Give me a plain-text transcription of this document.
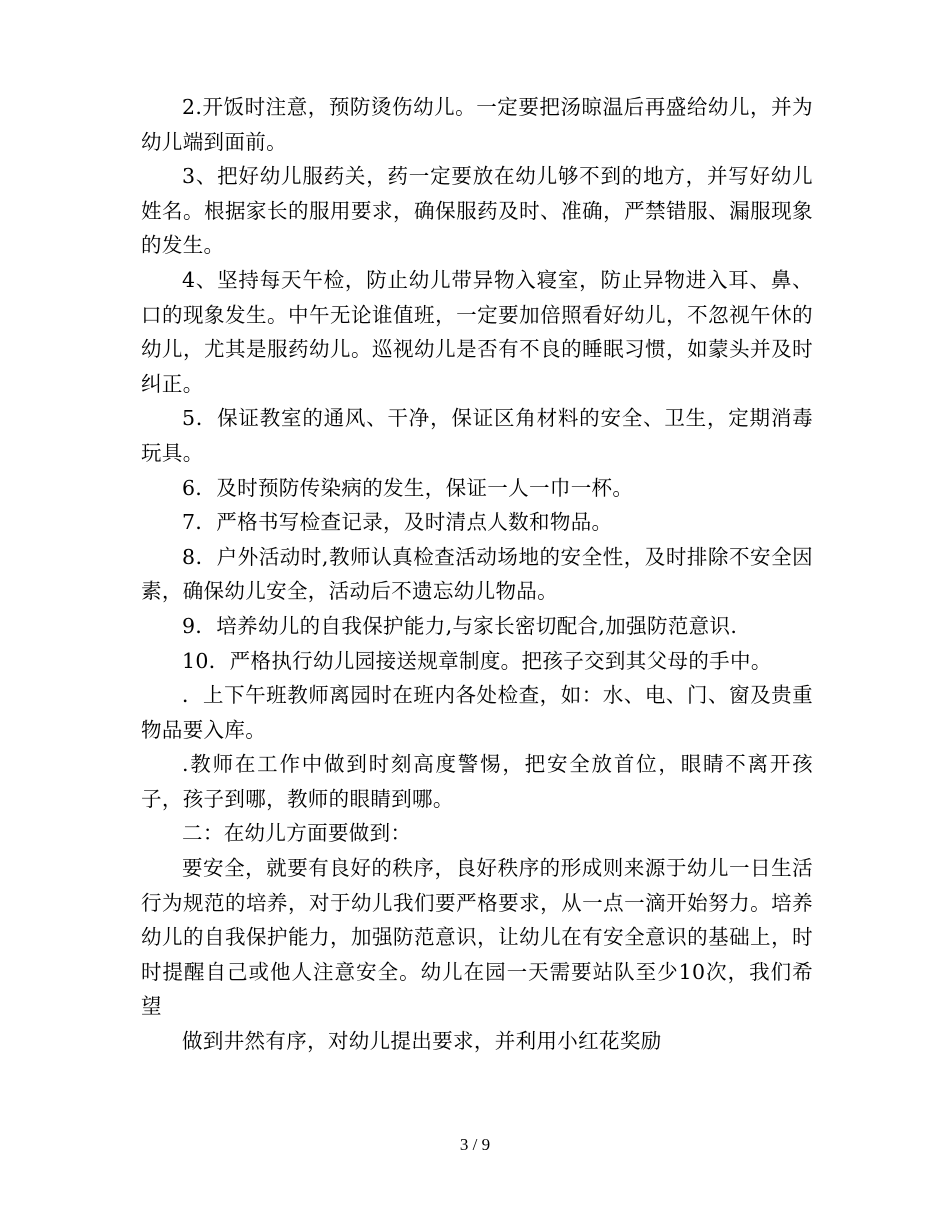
2.开饭时注意，预防烫伤幼儿。一定要把汤晾温后再盛给幼儿，并为幼儿端到面前。

3、把好幼儿服药关，药一定要放在幼儿够不到的地方，并写好幼儿姓名。根据家长的服用要求，确保服药及时、准确，严禁错服、漏服现象的发生。

4、坚持每天午检，防止幼儿带异物入寝室，防止异物进入耳、鼻、口的现象发生。中午无论谁值班，一定要加倍照看好幼儿，不忽视午休的幼儿，尤其是服药幼儿。巡视幼儿是否有不良的睡眠习惯，如蒙头并及时纠正。

5．保证教室的通风、干净，保证区角材料的安全、卫生，定期消毒玩具。

6．及时预防传染病的发生，保证一人一巾一杯。

7．严格书写检查记录，及时清点人数和物品。

8．户外活动时,教师认真检查活动场地的安全性，及时排除不安全因素，确保幼儿安全，活动后不遗忘幼儿物品。

9．培养幼儿的自我保护能力,与家长密切配合,加强防范意识.

10．严格执行幼儿园接送规章制度。把孩子交到其父母的手中。

．上下午班教师离园时在班内各处检查，如：水、电、门、窗及贵重物品要入库。

.教师在工作中做到时刻高度警惕，把安全放首位，眼睛不离开孩子，孩子到哪，教师的眼睛到哪。

二：在幼儿方面要做到：

要安全，就要有良好的秩序，良好秩序的形成则来源于幼儿一日生活行为规范的培养，对于幼儿我们要严格要求，从一点一滴开始努力。培养幼儿的自我保护能力，加强防范意识，让幼儿在有安全意识的基础上，时时提醒自己或他人注意安全。幼儿在园一天需要站队至少10次，我们希望

做到井然有序，对幼儿提出要求，并利用小红花奖励

3 / 9
